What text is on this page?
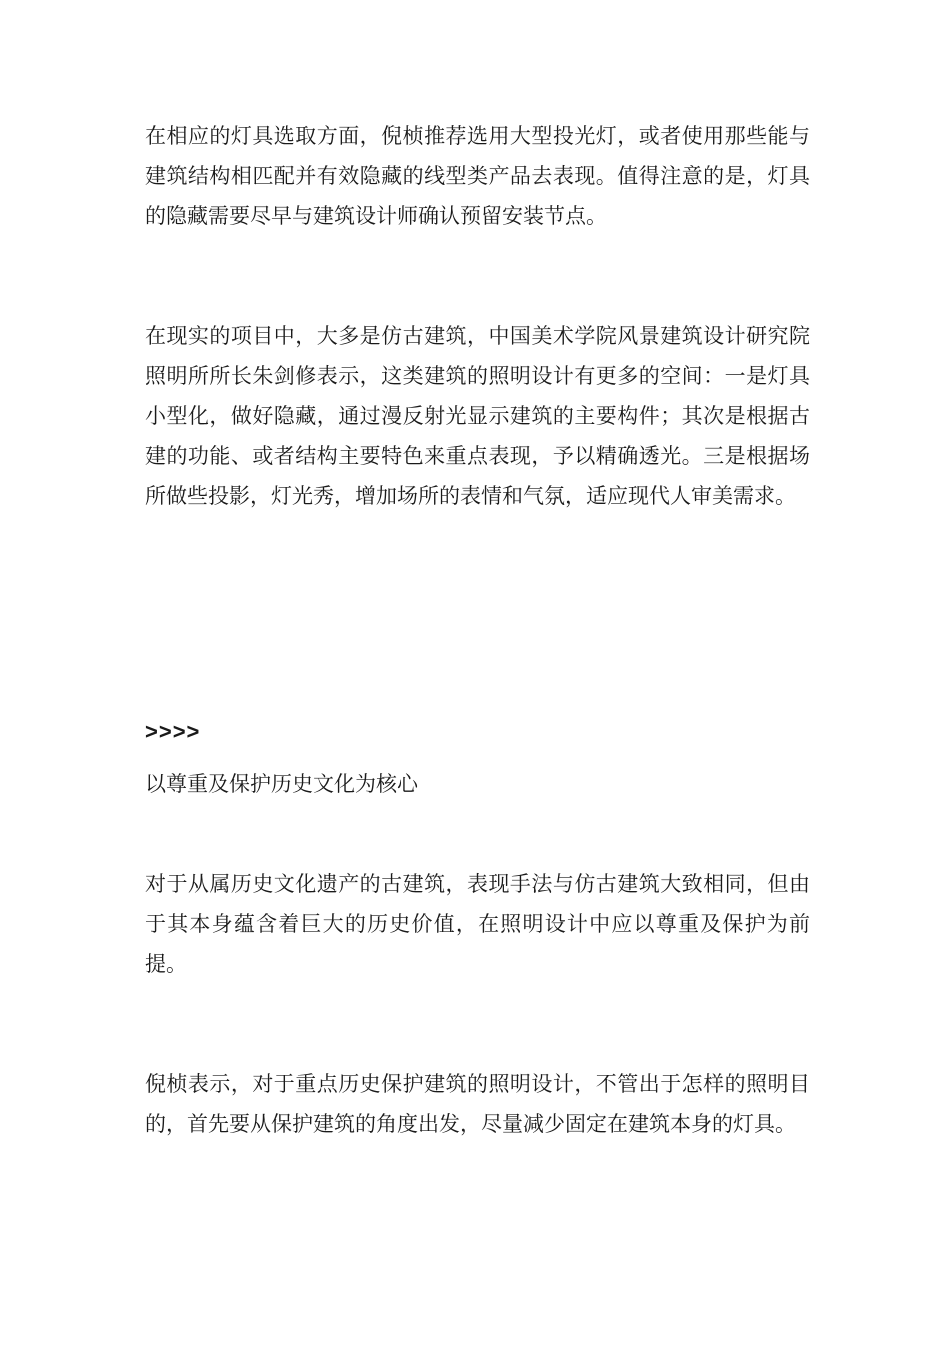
在相应的灯具选取方面，倪桢推荐选用大型投光灯，或者使用那些能与建筑结构相匹配并有效隐藏的线型类产品去表现。值得注意的是，灯具的隐藏需要尽早与建筑设计师确认预留安装节点。

在现实的项目中，大多是仿古建筑，中国美术学院风景建筑设计研究院照明所所长朱剑修表示，这类建筑的照明设计有更多的空间：一是灯具小型化，做好隐藏，通过漫反射光显示建筑的主要构件；其次是根据古建的功能、或者结构主要特色来重点表现，予以精确透光。三是根据场所做些投影，灯光秀，增加场所的表情和气氛，适应现代人审美需求。

>>>>

以尊重及保护历史文化为核心

对于从属历史文化遗产的古建筑，表现手法与仿古建筑大致相同，但由于其本身蕴含着巨大的历史价值，在照明设计中应以尊重及保护为前提。

倪桢表示，对于重点历史保护建筑的照明设计，不管出于怎样的照明目的，首先要从保护建筑的角度出发，尽量减少固定在建筑本身的灯具。
